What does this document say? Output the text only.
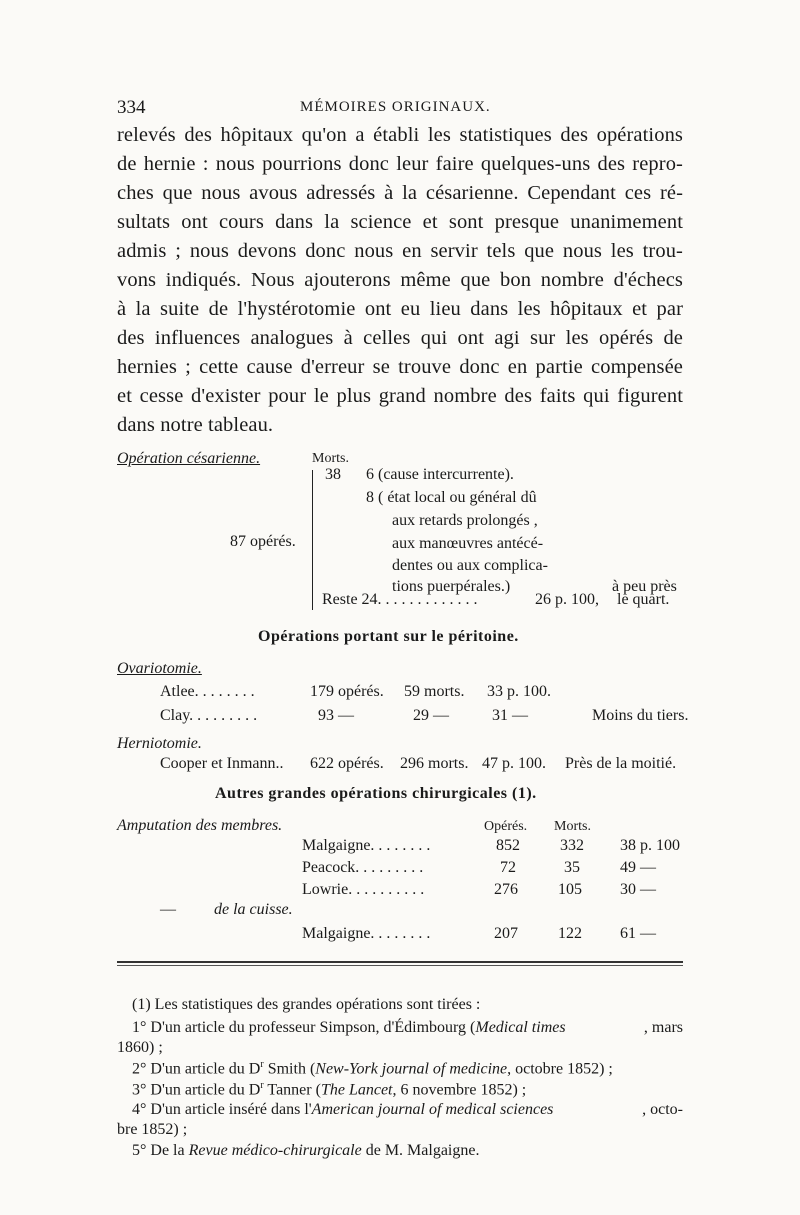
334	MÉMOIRES ORIGINAUX.
relevés des hôpitaux qu'on a établi les statistiques des opérations
de hernie : nous pourrions donc leur faire quelques-uns des repro-
ches que nous avous adressés à la césarienne. Cependant ces ré-
sultats ont cours dans la science et sont presque unanimement
admis ; nous devons donc nous en servir tels que nous les trou-
vons indiqués. Nous ajouterons même que bon nombre d'échecs
à la suite de l'hystérotomie ont eu lieu dans les hôpitaux et par
des influences analogues à celles qui ont agi sur les opérés de
hernies ; cette cause d'erreur se trouve donc en partie compensée
et cesse d'exister pour le plus grand nombre des faits qui figurent
dans notre tableau.
Opération césarienne.	Morts.
87 opérés.
38 6 (cause intercurrente).
8 ( état local ou général dû
aux retards prolongés ,
aux manœuvres antécé-
dentes ou aux complica-
tions puerpérales.)	à peu près
Reste 24. . . . . . . . . . . . .	26 p. 100, le quart.
Opérations portant sur le péritoine.
Ovariotomie.
Atlee. . . . . . . .	179 opérés. 59 morts. 33 p. 100.
Clay. . . . . . . . .	93 —	29 —	31 —	Moins du tiers.
Herniotomie.
Cooper et Inmann.. 622 opérés. 296 morts. 47 p. 100. Près de la moitié.
Autres grandes opérations chirurgicales (1).
Amputation des membres.	Opérés. Morts.
Malgaigne. . . . . . . .	852	332 38 p. 100
Peacock. . . . . . . . .	72	35	49 —
Lowrie. . . . . . . . . .	276	105 30 —
— de la cuisse.
Malgaigne. . . . . . . .	207	122 61 —
(1) Les statistiques des grandes opérations sont tirées :
1° D'un article du professeur Simpson, d'Édimbourg (Medical times	, mars
1860) ;
2° D'un article du $D^r$ Smith (New-York journal of medicine, octobre 1852) ;
3° D'un article du $D^r$ Tanner (The Lancet, 6 novembre 1852) ;
4° D'un article inséré dans l'American journal of medical sciences	, octo-
bre 1852) ;
5° De la Revue médico-chirurgicale de M. Malgaigne.
